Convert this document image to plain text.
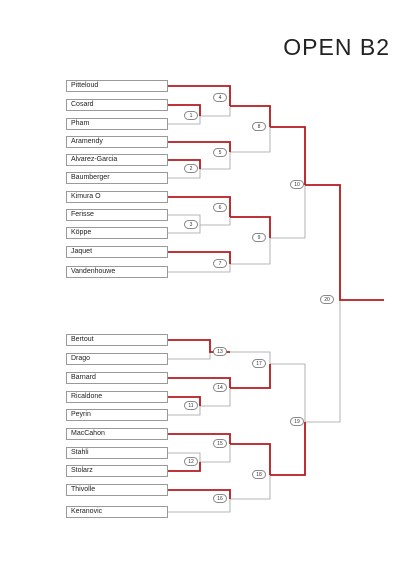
OPEN B2
Pitteloud
Cosard
Pham
Aramendy
Alvarez-Garcia
Baumberger
Kimura O
Ferisse
Köppe
Jaquet
Vandenhouwe
Bertout
Drago
Barnard
Ricaldone
Peyrin
MacCahon
Stahli
Stolarz
Thivolle
Keranovic
1
2
3
4
5
6
7
8
9
10
11
12
13
14
15
16
17
18
19
20
